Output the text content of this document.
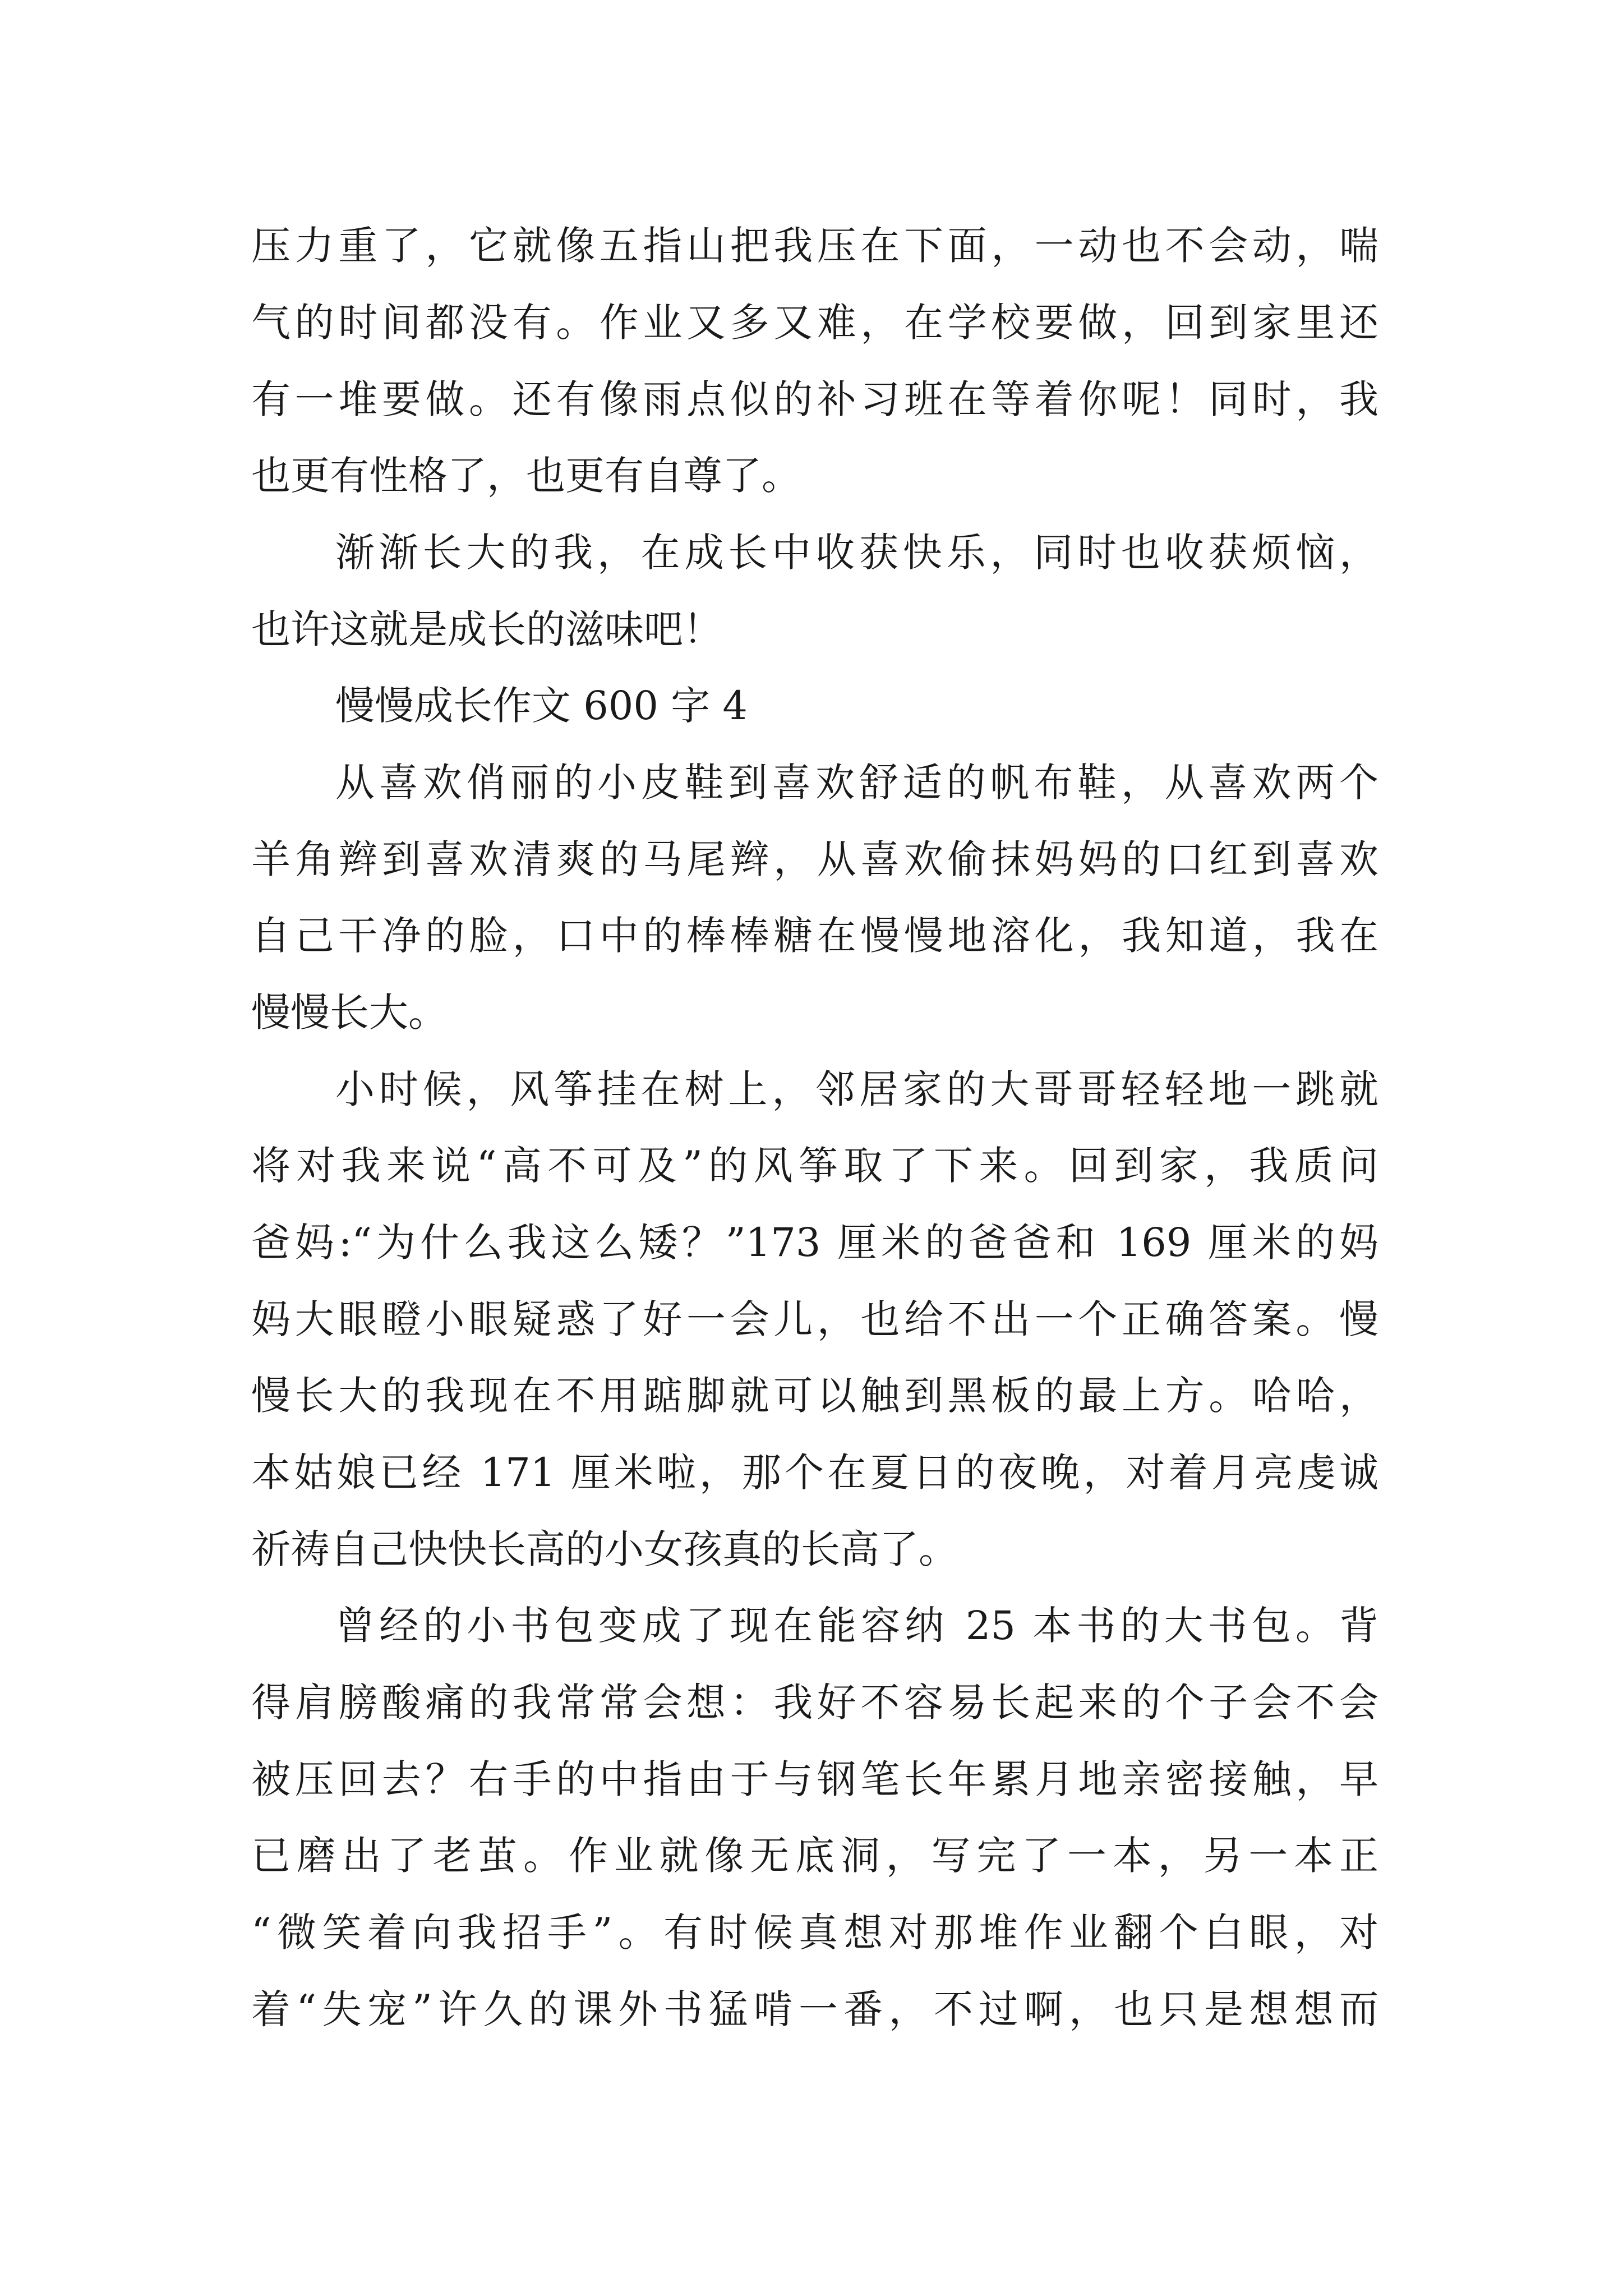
压力重了，它就像五指山把我压在下面，一动也不会动，喘
气的时间都没有。作业又多又难，在学校要做，回到家里还
有一堆要做。还有像雨点似的补习班在等着你呢！同时，我
也更有性格了，也更有自尊了。
渐渐长大的我，在成长中收获快乐，同时也收获烦恼，
也许这就是成长的滋味吧！
慢慢成长作文 600 字 4
从喜欢俏丽的小皮鞋到喜欢舒适的帆布鞋，从喜欢两个
羊角辫到喜欢清爽的马尾辫，从喜欢偷抹妈妈的口红到喜欢
自己干净的脸，口中的棒棒糖在慢慢地溶化，我知道，我在
慢慢长大。
小时候，风筝挂在树上，邻居家的大哥哥轻轻地一跳就
将对我来说“高不可及”的风筝取了下来。回到家，我质问
爸妈:“为什么我这么矮？”173 厘米的爸爸和 169 厘米的妈
妈大眼瞪小眼疑惑了好一会儿，也给不出一个正确答案。慢
慢长大的我现在不用踮脚就可以触到黑板的最上方。哈哈，
本姑娘已经 171 厘米啦，那个在夏日的夜晚，对着月亮虔诚
祈祷自己快快长高的小女孩真的长高了。
曾经的小书包变成了现在能容纳 25 本书的大书包。背
得肩膀酸痛的我常常会想：我好不容易长起来的个子会不会
被压回去？右手的中指由于与钢笔长年累月地亲密接触，早
已磨出了老茧。作业就像无底洞，写完了一本，另一本正
“微笑着向我招手”。有时候真想对那堆作业翻个白眼，对
着“失宠”许久的课外书猛啃一番，不过啊，也只是想想而
